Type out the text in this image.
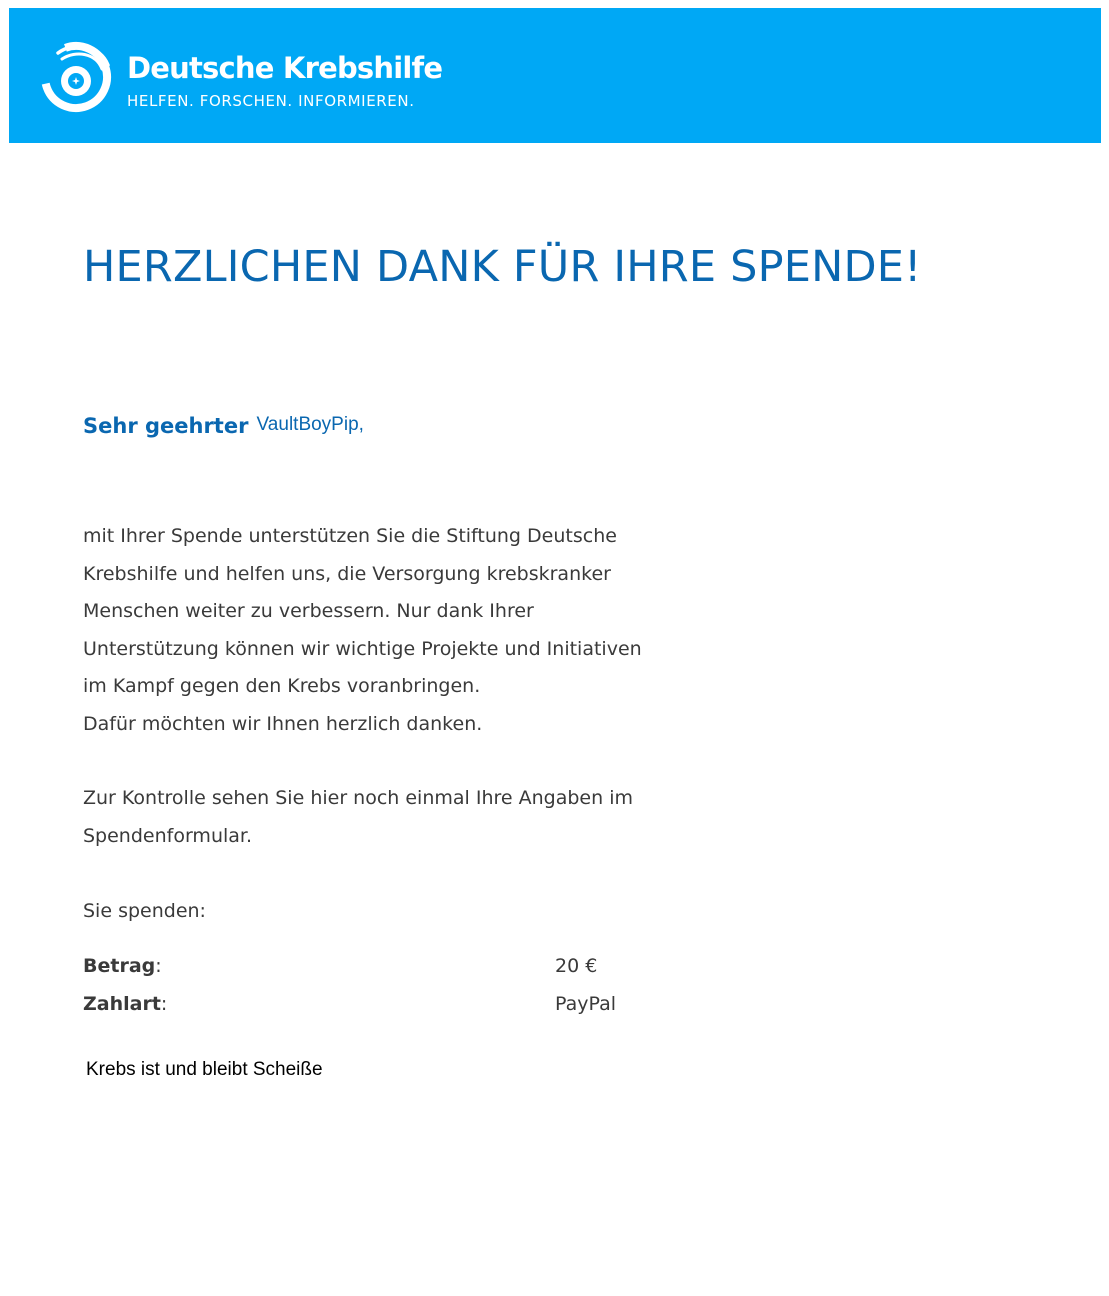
Deutsche Krebshilfe
HELFEN. FORSCHEN. INFORMIEREN.
HERZLICHEN DANK FÜR IHRE SPENDE!
Sehr geehrter VaultBoyPip,

mit Ihrer Spende unterstützen Sie die Stiftung Deutsche
Krebshilfe und helfen uns, die Versorgung krebskranker
Menschen weiter zu verbessern. Nur dank Ihrer
Unterstützung können wir wichtige Projekte und Initiativen
im Kampf gegen den Krebs voranbringen.
Dafür möchten wir Ihnen herzlich danken.

Zur Kontrolle sehen Sie hier noch einmal Ihre Angaben im
Spendenformular.

Sie spenden:

Betrag:	20 €
Zahlart:	PayPal

Krebs ist und bleibt Scheiße
